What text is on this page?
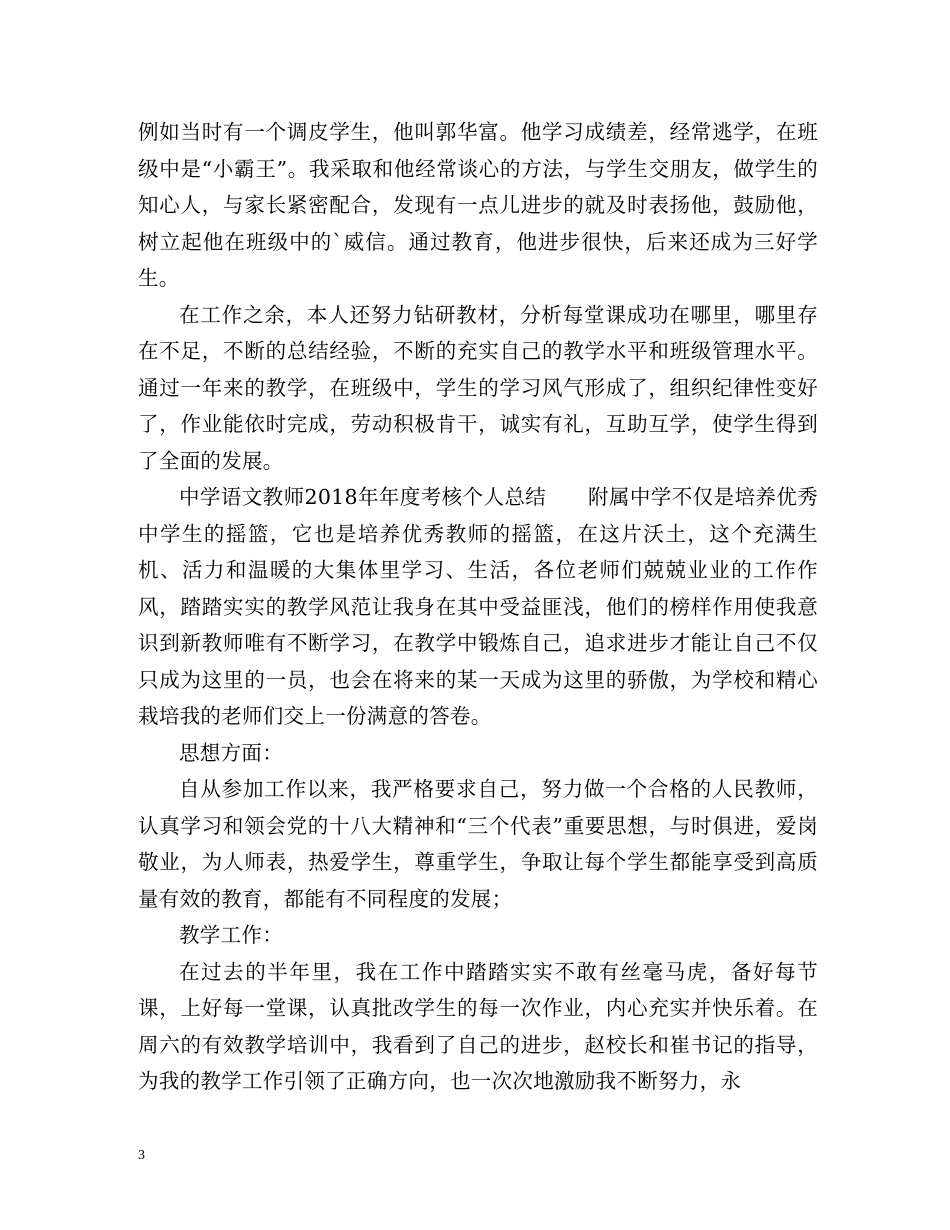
例如当时有一个调皮学生，他叫郭华富。他学习成绩差，经常逃学，在班级中是“小霸王”。我采取和他经常谈心的方法，与学生交朋友，做学生的知心人，与家长紧密配合，发现有一点儿进步的就及时表扬他，鼓励他，树立起他在班级中的`威信。通过教育，他进步很快，后来还成为三好学生。

在工作之余，本人还努力钻研教材，分析每堂课成功在哪里，哪里存在不足，不断的总结经验，不断的充实自己的教学水平和班级管理水平。通过一年来的教学，在班级中，学生的学习风气形成了，组织纪律性变好了，作业能依时完成，劳动积极肯干，诚实有礼，互助互学，使学生得到了全面的发展。

中学语文教师2018年年度考核个人总结　　附属中学不仅是培养优秀中学生的摇篮，它也是培养优秀教师的摇篮，在这片沃土，这个充满生机、活力和温暖的大集体里学习、生活，各位老师们兢兢业业的工作作风，踏踏实实的教学风范让我身在其中受益匪浅，他们的榜样作用使我意识到新教师唯有不断学习，在教学中锻炼自己，追求进步才能让自己不仅只成为这里的一员，也会在将来的某一天成为这里的骄傲，为学校和精心栽培我的老师们交上一份满意的答卷。

思想方面：

自从参加工作以来，我严格要求自己，努力做一个合格的人民教师，认真学习和领会党的十八大精神和“三个代表”重要思想，与时俱进，爱岗敬业，为人师表，热爱学生，尊重学生，争取让每个学生都能享受到高质量有效的教育，都能有不同程度的发展；

教学工作：

在过去的半年里，我在工作中踏踏实实不敢有丝毫马虎，备好每节课，上好每一堂课，认真批改学生的每一次作业，内心充实并快乐着。在周六的有效教学培训中，我看到了自己的进步，赵校长和崔书记的指导，为我的教学工作引领了正确方向，也一次次地激励我不断努力，永

3
